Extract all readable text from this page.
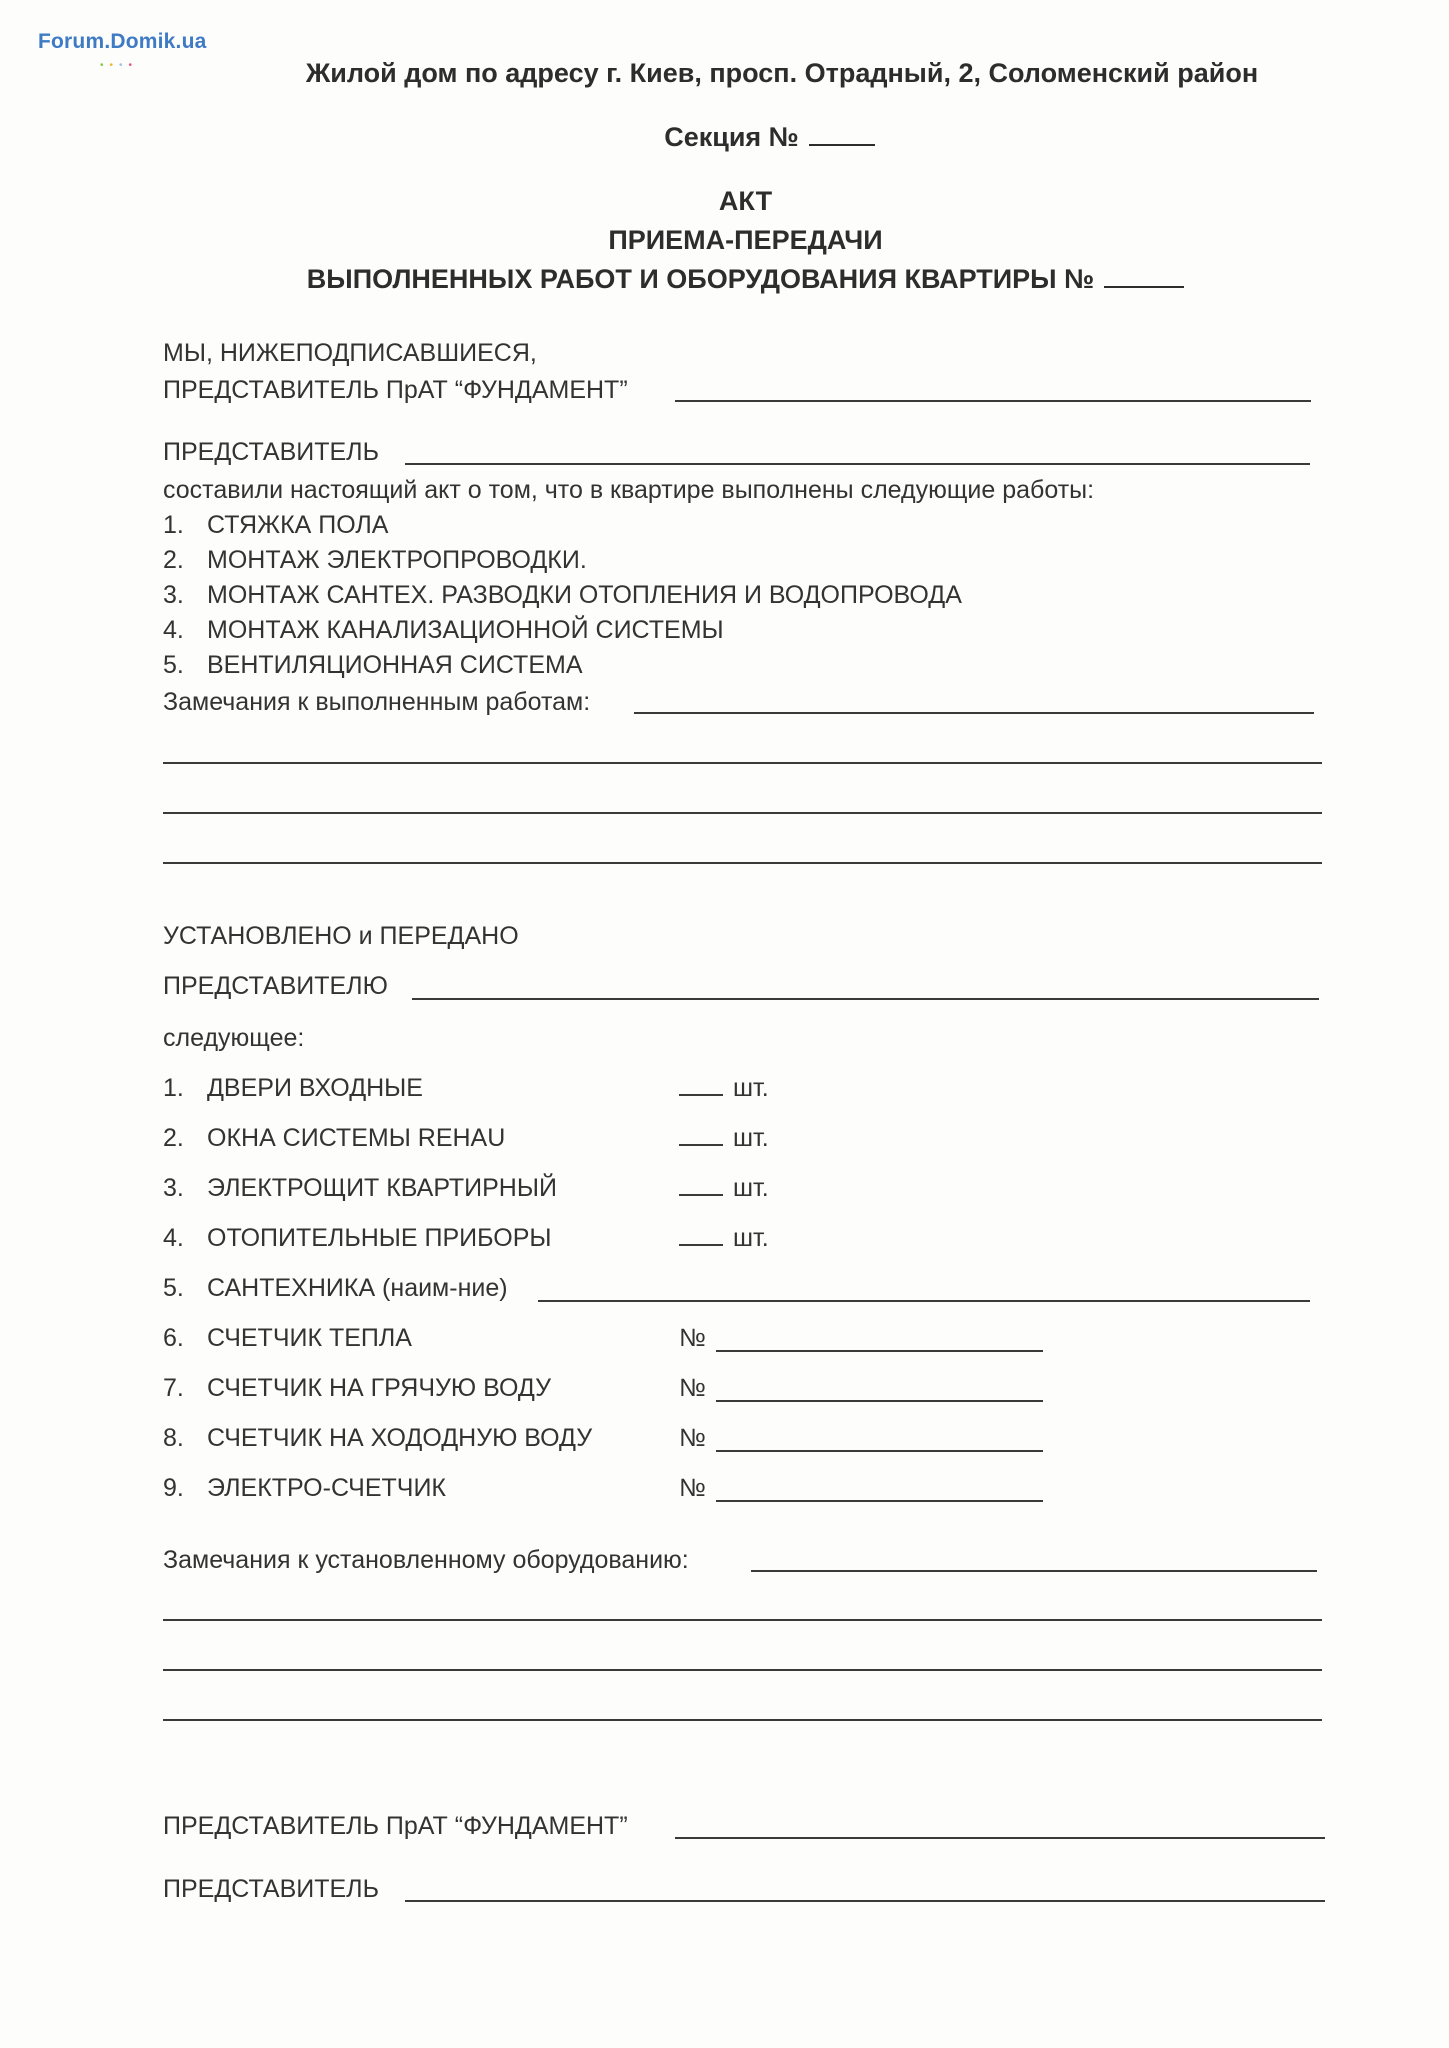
Forum.Domik.ua
••••	Жилой дом по адресу г. Киев, просп. Отрадный, 2, Соломенский район
Секция №
АКТ
ПРИЕМА-ПЕРЕДАЧИ
ВЫПОЛНЕННЫХ РАБОТ И ОБОРУДОВАНИЯ КВАРТИРЫ №
МЫ, НИЖЕПОДПИСАВШИЕСЯ,
ПРЕДСТАВИТЕЛЬ ПрАТ “ФУНДАМЕНТ”
ПРЕДСТАВИТЕЛЬ
составили настоящий акт о том, что в квартире выполнены следующие работы:
1. СТЯЖКА ПОЛА
2. МОНТАЖ ЭЛЕКТРОПРОВОДКИ.
3. МОНТАЖ САНТЕХ. РАЗВОДКИ ОТОПЛЕНИЯ И ВОДОПРОВОДА
4. МОНТАЖ КАНАЛИЗАЦИОННОЙ СИСТЕМЫ
5. ВЕНТИЛЯЦИОННАЯ СИСТЕМА
Замечания к выполненным работам:
УСТАНОВЛЕНО и ПЕРЕДАНО
ПРЕДСТАВИТЕЛЮ
следующее:
1. ДВЕРИ ВХОДНЫЕ	шт.
2. ОКНА СИСТЕМЫ REHAU	шт.
3. ЭЛЕКТРОЩИТ КВАРТИРНЫЙ	шт.
4. ОТОПИТЕЛЬНЫЕ ПРИБОРЫ	шт.
5. САНТЕХНИКА (наим-ние)
6. СЧЕТЧИК ТЕПЛА	№
7. СЧЕТЧИК НА ГРЯЧУЮ ВОДУ	№
8. СЧЕТЧИК НА ХОДОДНУЮ ВОДУ	№
9. ЭЛЕКТРО-СЧЕТЧИК	№
Замечания к установленному оборудованию:
ПРЕДСТАВИТЕЛЬ ПрАТ “ФУНДАМЕНТ”
ПРЕДСТАВИТЕЛЬ
